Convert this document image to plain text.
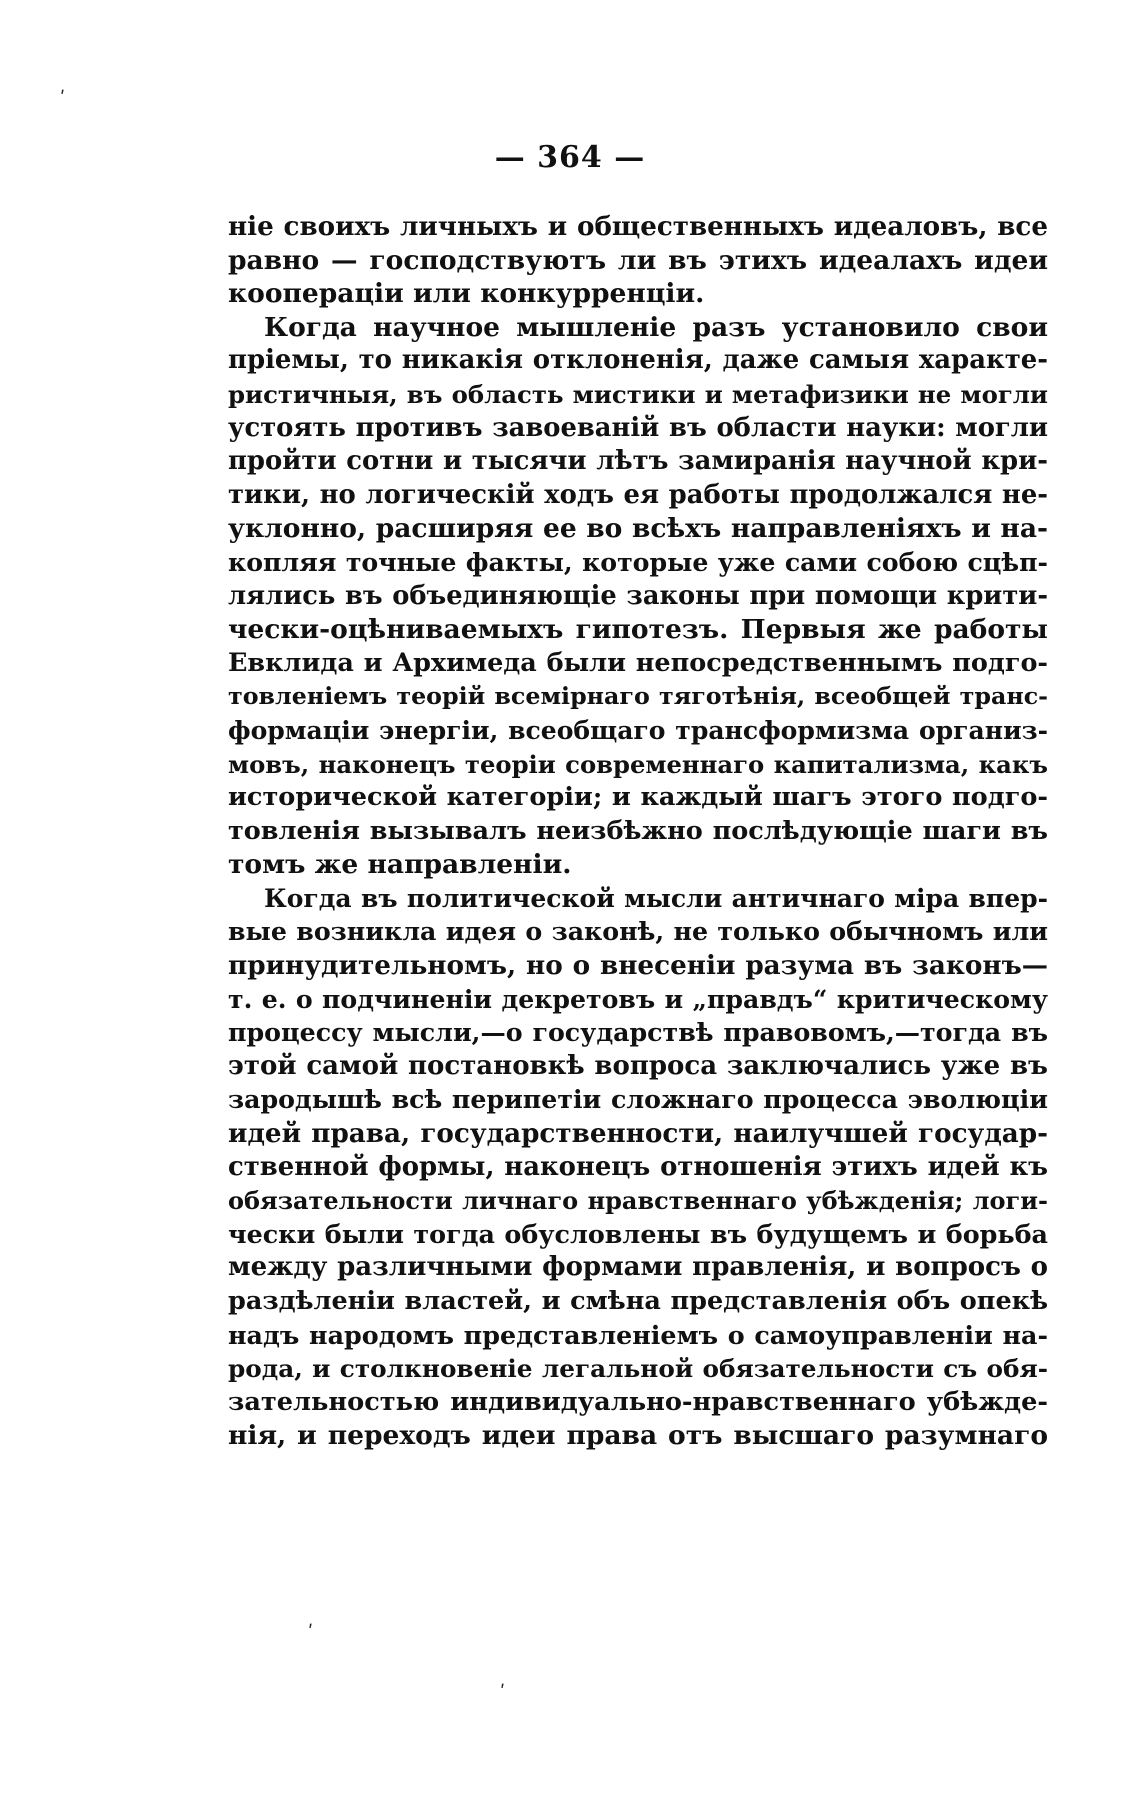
ʹ
ʹ
ʹ
— 364 —
ніе своихъ личныхъ и общественныхъ идеаловъ, все
равно — господствуютъ ли въ этихъ идеалахъ идеи
кооперацiи или конкурренцiи.
Когда научное мышленіе разъ установило свои
пріемы, то никакія отклоненія, даже самыя характе-
ристичныя, въ область мистики и метафизики не могли
устоять противъ завоеваній въ области науки: могли
пройти сотни и тысячи лѣтъ замиранія научной кри-
тики, но логическій ходъ ея работы продолжался не-
уклонно, расширяя ее во всѣхъ направленіяхъ и на-
копляя точные факты, которые уже сами собою сцѣп-
лялись въ объединяющіе законы при помощи крити-
чески-оцѣниваемыхъ гипотезъ. Первыя же работы
Евклида и Архимеда были непосредственнымъ подго-
товленіемъ теорій всемірнаго тяготѣнія, всеобщей транс-
формацiи энергiи, всеобщаго трансформизма организ-
мовъ, наконецъ теорiи современнаго капитализма, какъ
исторической категорiи; и каждый шагъ этого подго-
товленія вызывалъ неизбѣжно послѣдующіе шаги въ
томъ же направленiи.
Когда въ политической мысли античнаго міра впер-
вые возникла идея о законѣ, не только обычномъ или
принудительномъ, но о внесенiи разума въ законъ—
т. е. о подчиненiи декретовъ и „правдъ“ критическому
процессу мысли,—о государствѣ правовомъ,—тогда въ
этой самой постановкѣ вопроса заключались уже въ
зародышѣ всѣ перипетiи сложнаго процесса эволюцiи
идей права, государственности, наилучшей государ-
ственной формы, наконецъ отношенія этихъ идей къ
обязательности личнаго нравственнаго убѣжденія; логи-
чески были тогда обусловлены въ будущемъ и борьба
между различными формами правленія, и вопросъ о
раздѣленiи властей, и смѣна представленія объ опекѣ
надъ народомъ представленіемъ о самоуправленiи на-
рода, и столкновеніе легальной обязательности съ обя-
зательностью индивидуально-нравственнаго убѣжде-
нія, и переходъ идеи права отъ высшаго разумнаго
